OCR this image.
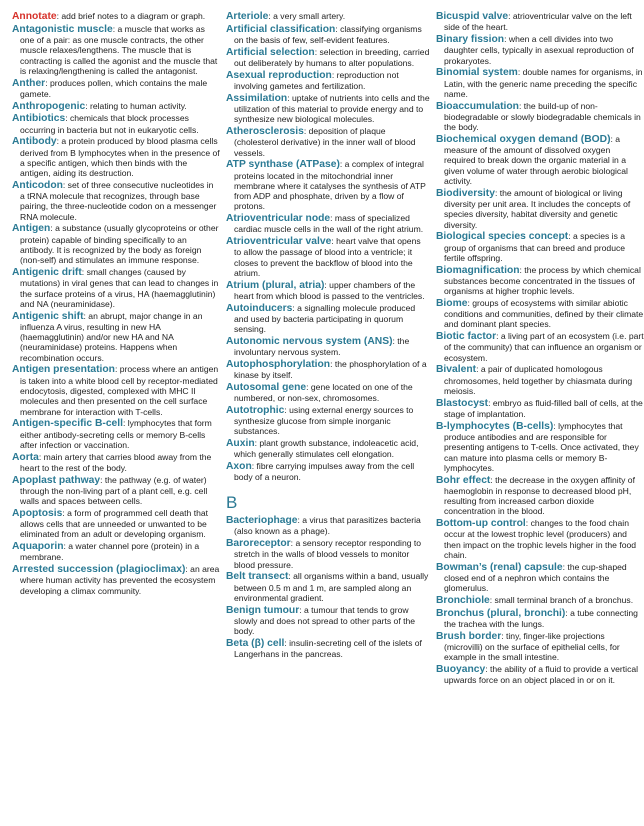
Annotate: add brief notes to a diagram or graph.

Antagonistic muscle: a muscle that works as one of a pair: as one muscle contracts, the other muscle relaxes/lengthens. The muscle that is contracting is called the agonist and the muscle that is relaxing/lengthening is called the antagonist.

Anther: produces pollen, which contains the male gamete.

Anthropogenic: relating to human activity.

Antibiotics: chemicals that block processes occurring in bacteria but not in eukaryotic cells.

Antibody: a protein produced by blood plasma cells derived from B lymphocytes when in the presence of a specific antigen, which then binds with the antigen, aiding its destruction.

Anticodon: set of three consecutive nucleotides in a tRNA molecule that recognizes, through base pairing, the three-nucleotide codon on a messenger RNA molecule.

Antigen: a substance (usually glycoproteins or other protein) capable of binding specifically to an antibody. It is recognized by the body as foreign (non-self) and stimulates an immune response.

Antigenic drift: small changes (caused by mutations) in viral genes that can lead to changes in the surface proteins of a virus, HA (haemagglutinin) and NA (neuraminidase).

Antigenic shift: an abrupt, major change in an influenza A virus, resulting in new HA (haemagglutinin) and/or new HA and NA (neuraminidase) proteins. Happens when recombination occurs.

Antigen presentation: process where an antigen is taken into a white blood cell by receptor-mediated endocytosis, digested, complexed with MHC II molecules and then presented on the cell surface membrane for interaction with T-cells.

Antigen-specific B-cell: lymphocytes that form either antibody-secreting cells or memory B-cells after infection or vaccination.

Aorta: main artery that carries blood away from the heart to the rest of the body.

Apoplast pathway: the pathway (e.g. of water) through the non-living part of a plant cell, e.g. cell walls and spaces between cells.

Apoptosis: a form of programmed cell death that allows cells that are unneeded or unwanted to be eliminated from an adult or developing organism.

Aquaporin: a water channel pore (protein) in a membrane.

Arrested succession (plagioclimax): an area where human activity has prevented the ecosystem developing a climax community.

Arteriole: a very small artery.

Artificial classification: classifying organisms on the basis of few, self-evident features.

Artificial selection: selection in breeding, carried out deliberately by humans to alter populations.

Asexual reproduction: reproduction not involving gametes and fertilization.

Assimilation: uptake of nutrients into cells and the utilization of this material to provide energy and to synthesize new biological molecules.

Atherosclerosis: deposition of plaque (cholesterol derivative) in the inner wall of blood vessels.

ATP synthase (ATPase): a complex of integral proteins located in the mitochondrial inner membrane where it catalyses the synthesis of ATP from ADP and phosphate, driven by a flow of protons.

Atrioventricular node: mass of specialized cardiac muscle cells in the wall of the right atrium.

Atrioventricular valve: heart valve that opens to allow the passage of blood into a ventricle; it closes to prevent the backflow of blood into the atrium.

Atrium (plural, atria): upper chambers of the heart from which blood is passed to the ventricles.

Autoinducers: a signalling molecule produced and used by bacteria participating in quorum sensing.

Autonomic nervous system (ANS): the involuntary nervous system.

Autophosphorylation: the phosphorylation of a kinase by itself.

Autosomal gene: gene located on one of the numbered, or non-sex, chromosomes.

Autotrophic: using external energy sources to synthesize glucose from simple inorganic substances.

Auxin: plant growth substance, indoleacetic acid, which generally stimulates cell elongation.

Axon: fibre carrying impulses away from the cell body of a neuron.

B

Bacteriophage: a virus that parasitizes bacteria (also known as a phage).

Baroreceptor: a sensory receptor responding to stretch in the walls of blood vessels to monitor blood pressure.

Belt transect: all organisms within a band, usually between 0.5 m and 1 m, are sampled along an environmental gradient.

Benign tumour: a tumour that tends to grow slowly and does not spread to other parts of the body.

Beta (β) cell: insulin-secreting cell of the islets of Langerhans in the pancreas.

Bicuspid valve: atrioventricular valve on the left side of the heart.

Binary fission: when a cell divides into two daughter cells, typically in asexual reproduction of prokaryotes.

Binomial system: double names for organisms, in Latin, with the generic name preceding the specific name.

Bioaccumulation: the build-up of non-biodegradable or slowly biodegradable chemicals in the body.

Biochemical oxygen demand (BOD): a measure of the amount of dissolved oxygen required to break down the organic material in a given volume of water through aerobic biological activity.

Biodiversity: the amount of biological or living diversity per unit area. It includes the concepts of species diversity, habitat diversity and genetic diversity.

Biological species concept: a species is a group of organisms that can breed and produce fertile offspring.

Biomagnification: the process by which chemical substances become concentrated in the tissues of organisms at higher trophic levels.

Biome: groups of ecosystems with similar abiotic conditions and communities, defined by their climate and dominant plant species.

Biotic factor: a living part of an ecosystem (i.e. part of the community) that can influence an organism or ecosystem.

Bivalent: a pair of duplicated homologous chromosomes, held together by chiasmata during meiosis.

Blastocyst: embryo as fluid-filled ball of cells, at the stage of implantation.

B-lymphocytes (B-cells): lymphocytes that produce antibodies and are responsible for presenting antigens to T-cells. Once activated, they can mature into plasma cells or memory B-lymphocytes.

Bohr effect: the decrease in the oxygen affinity of haemoglobin in response to decreased blood pH, resulting from increased carbon dioxide concentration in the blood.

Bottom-up control: changes to the food chain occur at the lowest trophic level (producers) and then impact on the trophic levels higher in the food chain.

Bowman’s (renal) capsule: the cup-shaped closed end of a nephron which contains the glomerulus.

Bronchiole: small terminal branch of a bronchus.

Bronchus (plural, bronchi): a tube connecting the trachea with the lungs.

Brush border: tiny, finger-like projections (microvilli) on the surface of epithelial cells, for example in the small intestine.

Buoyancy: the ability of a fluid to provide a vertical upwards force on an object placed in or on it.
